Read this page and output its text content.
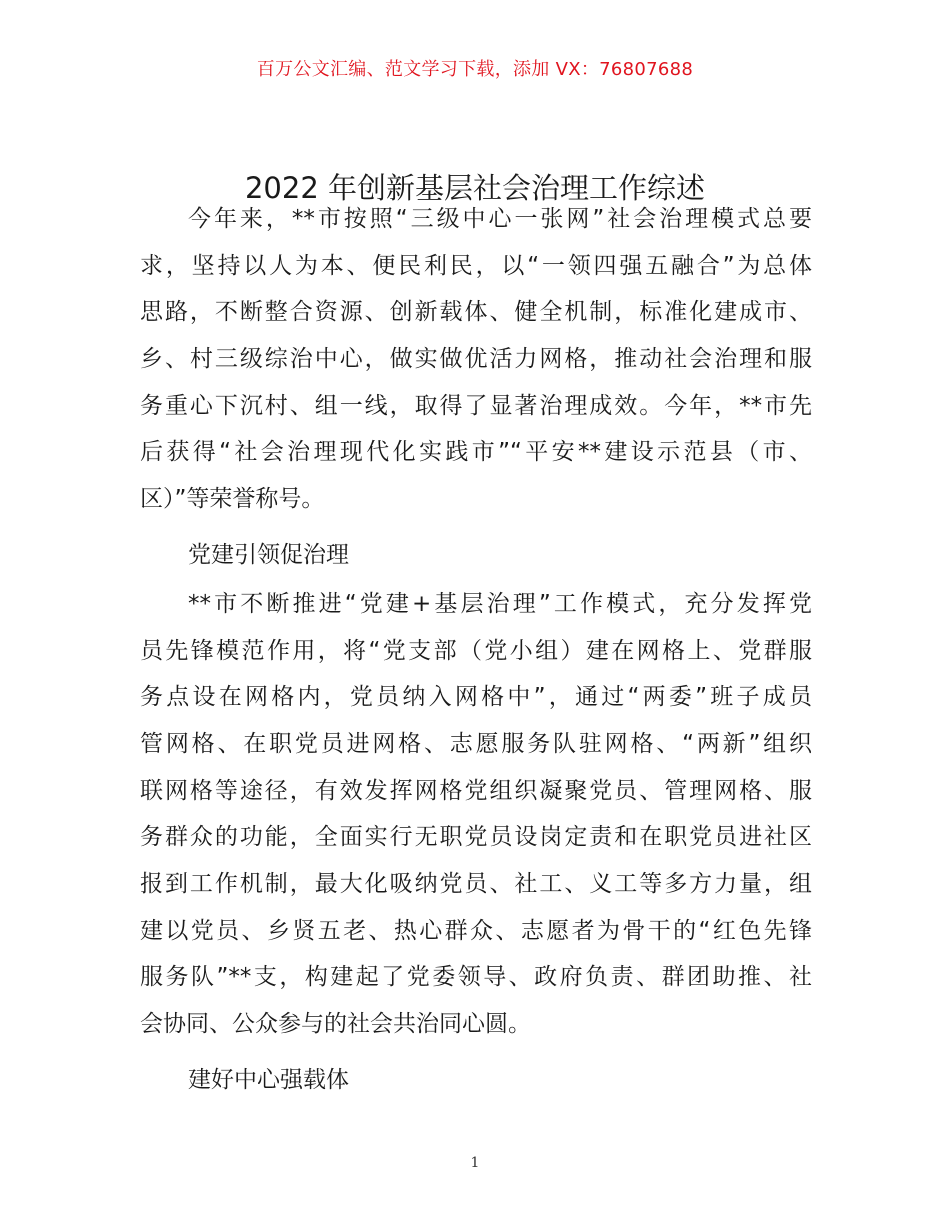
百万公文汇编、范文学习下载，添加 VX：76807688
2022 年创新基层社会治理工作综述
今年来，**市按照“三级中心一张网”社会治理模式总要
求，坚持以人为本、便民利民，以“一领四强五融合”为总体
思路，不断整合资源、创新载体、健全机制，标准化建成市、
乡、村三级综治中心，做实做优活力网格，推动社会治理和服
务重心下沉村、组一线，取得了显著治理成效。今年，**市先
后获得“社会治理现代化实践市”“平安**建设示范县（市、
区）”等荣誉称号。
党建引领促治理
**市不断推进“党建+基层治理”工作模式，充分发挥党
员先锋模范作用，将“党支部（党小组）建在网格上、党群服
务点设在网格内，党员纳入网格中”，通过“两委”班子成员
管网格、在职党员进网格、志愿服务队驻网格、“两新”组织
联网格等途径，有效发挥网格党组织凝聚党员、管理网格、服
务群众的功能，全面实行无职党员设岗定责和在职党员进社区
报到工作机制，最大化吸纳党员、社工、义工等多方力量，组
建以党员、乡贤五老、热心群众、志愿者为骨干的“红色先锋
服务队”**支，构建起了党委领导、政府负责、群团助推、社
会协同、公众参与的社会共治同心圆。
建好中心强载体
1
